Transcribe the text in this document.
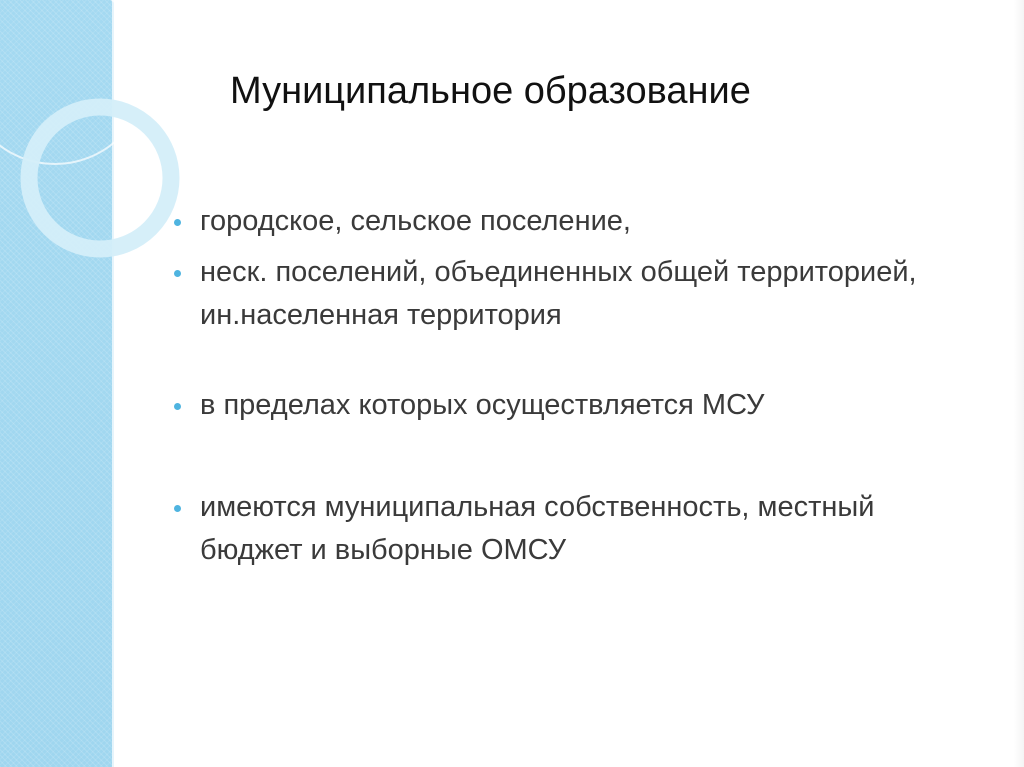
Муниципальное образование
городское, сельское поселение,
неск. поселений, объединенных общей территорией, ин.населенная территория
в пределах которых осуществляется МСУ
имеются муниципальная собственность, местный бюджет и выборные ОМСУ
